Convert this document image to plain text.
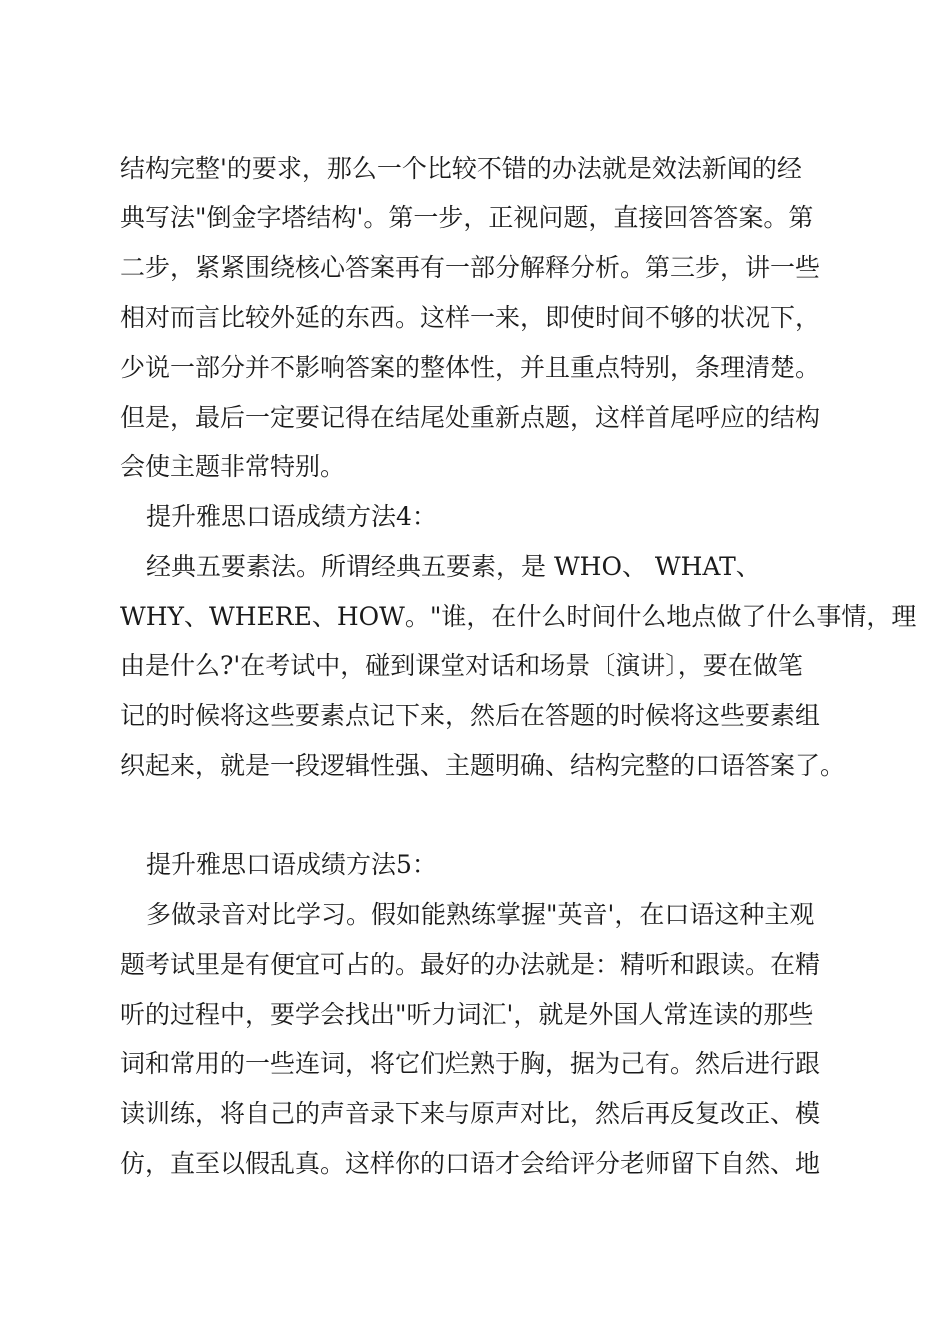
结构完整'的要求，那么一个比较不错的办法就是效法新闻的经
典写法"倒金字塔结构'。第一步，正视问题，直接回答答案。第
二步，紧紧围绕核心答案再有一部分解释分析。第三步，讲一些
相对而言比较外延的东西。这样一来，即使时间不够的状况下，
少说一部分并不影响答案的整体性，并且重点特别，条理清楚。
但是，最后一定要记得在结尾处重新点题，这样首尾呼应的结构
会使主题非常特别。
提升雅思口语成绩方法4：
经典五要素法。所谓经典五要素，是 WHO、 WHAT、
WHY、WHERE、HOW。"谁，在什么时间什么地点做了什么事情，理
由是什么?'在考试中，碰到课堂对话和场景〔演讲〕，要在做笔
记的时候将这些要素点记下来，然后在答题的时候将这些要素组
织起来，就是一段逻辑性强、主题明确、结构完整的口语答案了。
提升雅思口语成绩方法5：
多做录音对比学习。假如能熟练掌握"英音'，在口语这种主观
题考试里是有便宜可占的。最好的办法就是：精听和跟读。在精
听的过程中，要学会找出"听力词汇'，就是外国人常连读的那些
词和常用的一些连词，将它们烂熟于胸，据为己有。然后进行跟
读训练，将自己的声音录下来与原声对比，然后再反复改正、模
仿，直至以假乱真。这样你的口语才会给评分老师留下自然、地
